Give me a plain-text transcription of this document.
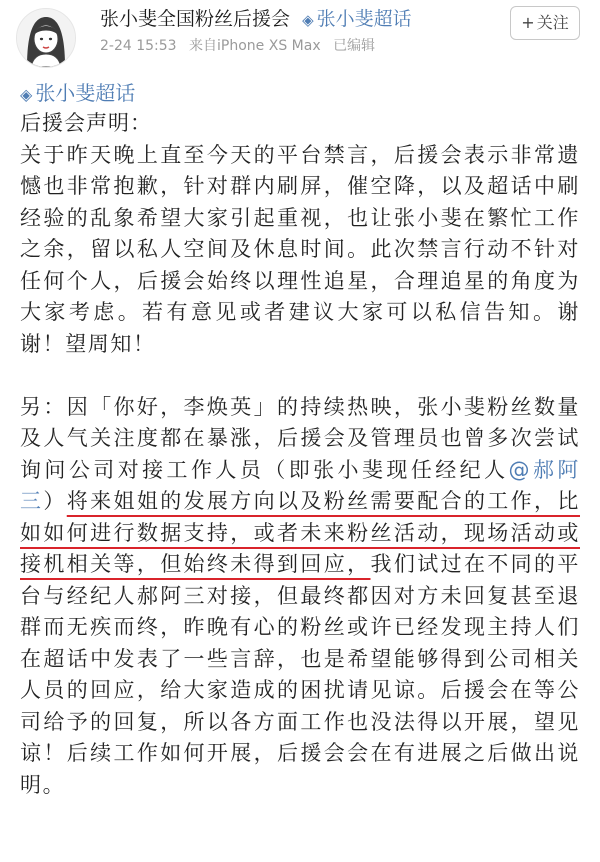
张小斐全国粉丝后援会 ◈ 张小斐超话
2-24 15:53 来自iPhone XS Max 已编辑
+ 关注
◈ 张小斐超话

后援会声明：

关于昨天晚上直至今天的平台禁言，后援会表示非常遗憾也非常抱歉，针对群内刷屏，催空降，以及超话中刷经验的乱象希望大家引起重视，也让张小斐在繁忙工作之余，留以私人空间及休息时间。此次禁言行动不针对任何个人，后援会始终以理性追星，合理追星的角度为大家考虑。若有意见或者建议大家可以私信告知。谢谢！望周知！

另：因「你好，李焕英」的持续热映，张小斐粉丝数量及人气关注度都在暴涨，后援会及管理员也曾多次尝试询问公司对接工作人员（即张小斐现任经纪人@郝阿三）将来姐姐的发展方向以及粉丝需要配合的工作，比如如何进行数据支持，或者未来粉丝活动，现场活动或接机相关等，但始终未得到回应，我们试过在不同的平台与经纪人郝阿三对接，但最终都因对方未回复甚至退群而无疾而终，昨晚有心的粉丝或许已经发现主持人们在超话中发表了一些言辞，也是希望能够得到公司相关人员的回应，给大家造成的困扰请见谅。后援会在等公司给予的回复，所以各方面工作也没法得以开展，望见谅！后续工作如何开展，后援会会在有进展之后做出说明。
